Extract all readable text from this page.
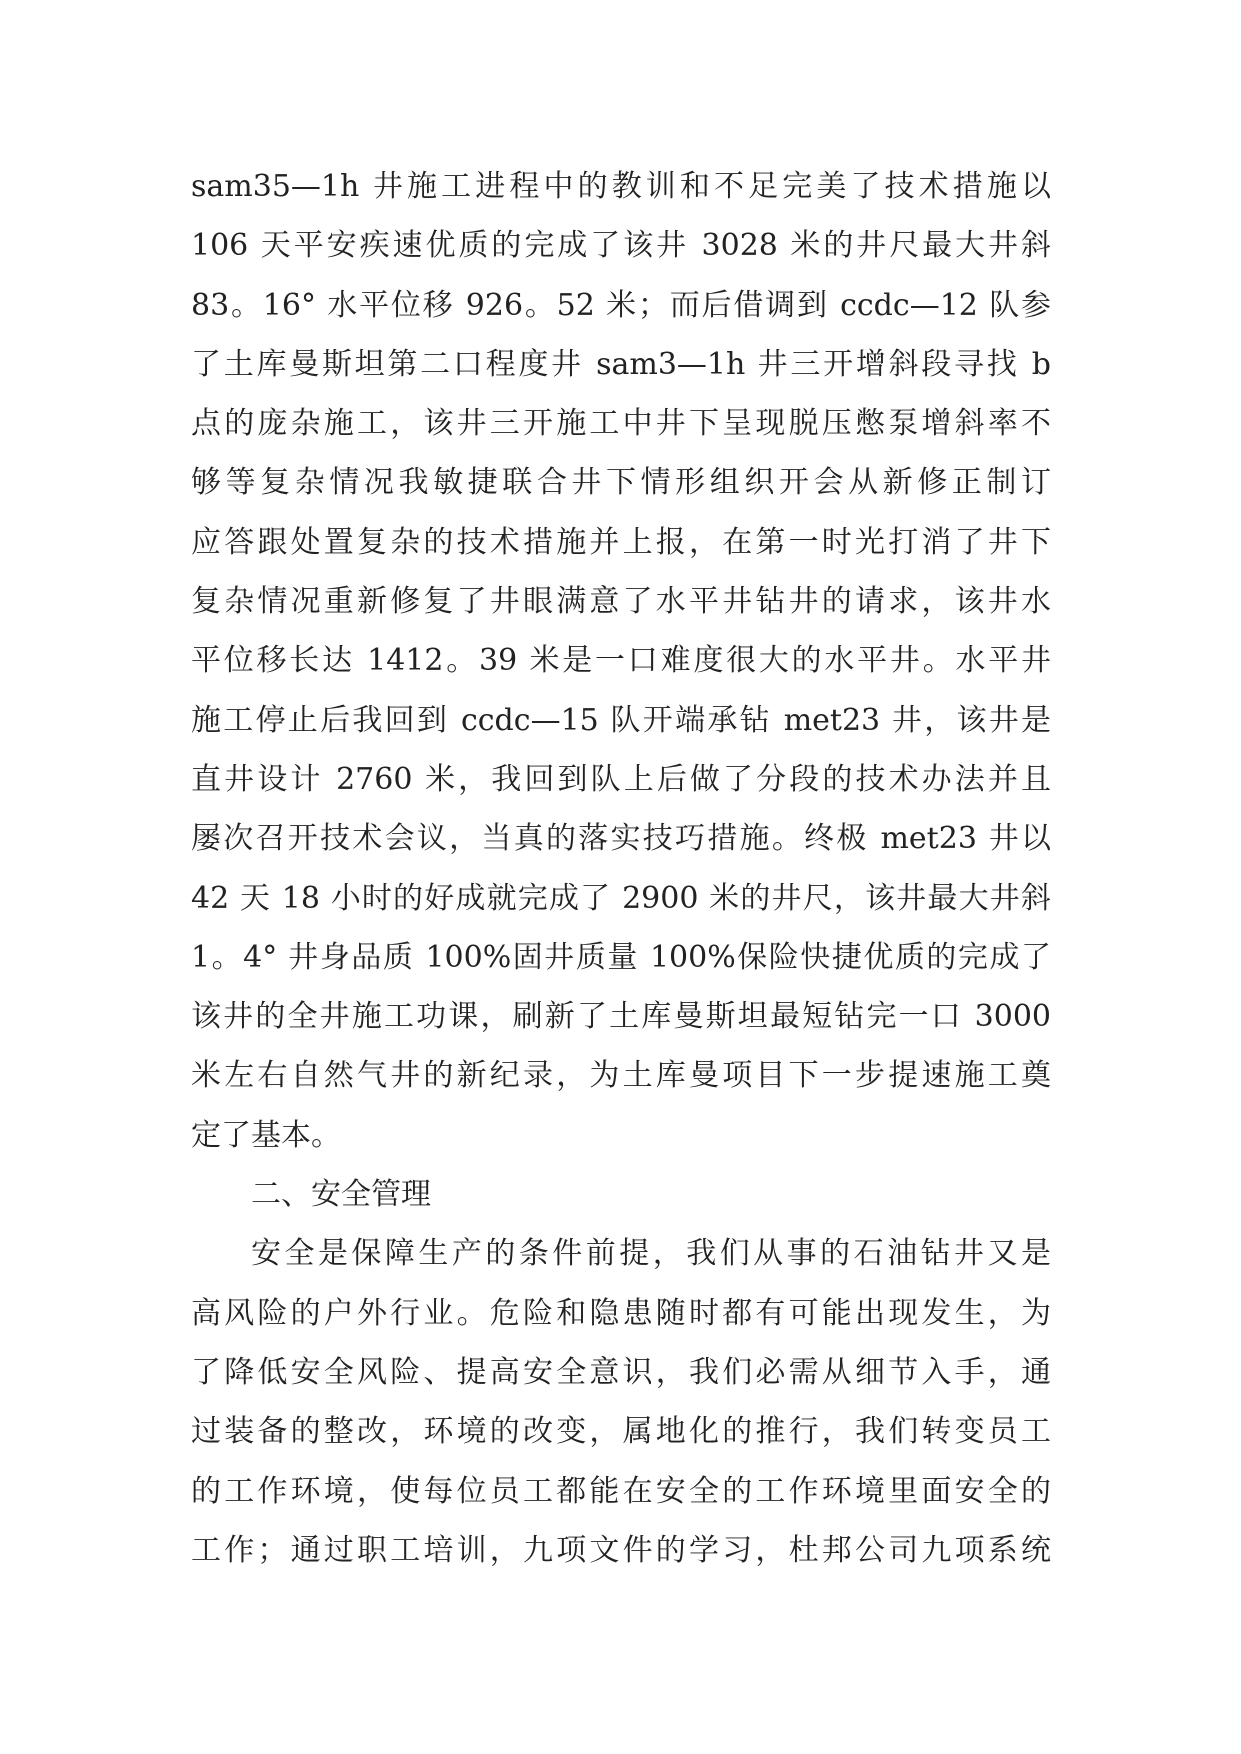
sam35—1h 井施工进程中的教训和不足完美了技术措施以
106 天平安疾速优质的完成了该井 3028 米的井尺最大井斜
83。16° 水平位移 926。52 米；而后借调到 ccdc—12 队参
了土库曼斯坦第二口程度井 sam3—1h 井三开增斜段寻找 b
点的庞杂施工，该井三开施工中井下呈现脱压憋泵增斜率不
够等复杂情况我敏捷联合井下情形组织开会从新修正制订
应答跟处置复杂的技术措施并上报，在第一时光打消了井下
复杂情况重新修复了井眼满意了水平井钻井的请求，该井水
平位移长达 1412。39 米是一口难度很大的水平井。水平井
施工停止后我回到 ccdc—15 队开端承钻 met23 井，该井是
直井设计 2760 米，我回到队上后做了分段的技术办法并且
屡次召开技术会议，当真的落实技巧措施。终极 met23 井以
42 天 18 小时的好成就完成了 2900 米的井尺，该井最大井斜
1。4° 井身品质 100%固井质量 100%保险快捷优质的完成了
该井的全井施工功课，刷新了土库曼斯坦最短钻完一口 3000
米左右自然气井的新纪录，为土库曼项目下一步提速施工奠
定了基本。
二、安全管理
安全是保障生产的条件前提，我们从事的石油钻井又是
高风险的户外行业。危险和隐患随时都有可能出现发生，为
了降低安全风险、提高安全意识，我们必需从细节入手，通
过装备的整改，环境的改变，属地化的推行，我们转变员工
的工作环境，使每位员工都能在安全的工作环境里面安全的
工作；通过职工培训，九项文件的学习，杜邦公司九项系统
